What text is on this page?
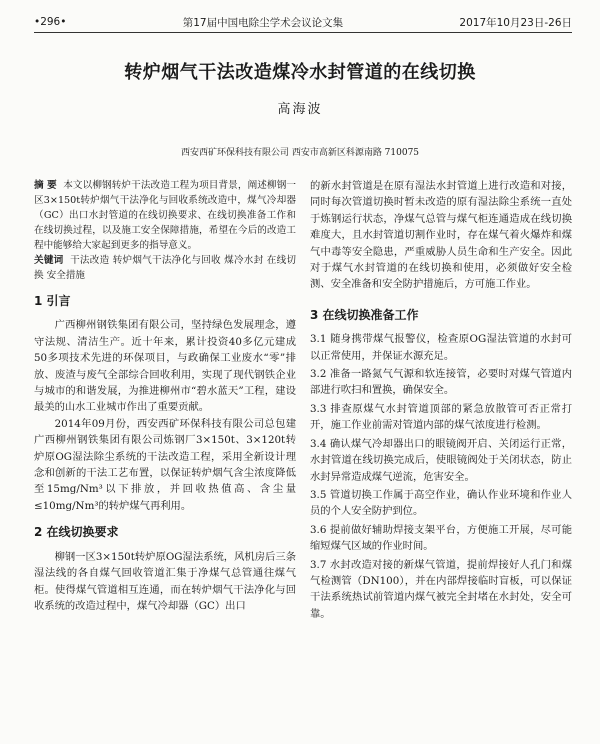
•296•	第17届中国电除尘学术会议论文集	2017年10月23日-26日
转炉烟气干法改造煤冷水封管道的在线切换
高海波
西安西矿环保科技有限公司 西安市高新区科源南路 710075
摘 要 本文以柳钢转炉干法改造工程为项目背景，阐述柳钢一区3×150t转炉烟气干法净化与回收系统改造中，煤气冷却器（GC）出口水封管道的在线切换要求、在线切换准备工作和在线切换过程，以及施工安全保障措施，希望在今后的改造工程中能够给大家起到更多的指导意义。
关键词 干法改造 转炉烟气干法净化与回收 煤冷水封 在线切换 安全措施
1 引言

广西柳州钢铁集团有限公司，坚持绿色发展理念，遵守法规、清洁生产。近十年来，累计投资40多亿元建成50多项技术先进的环保项目，与政确保工业废水“零”排放、废渣与废气全部综合回收利用，实现了现代钢铁企业与城市的和谐发展，为推进柳州市“碧水蓝天”工程，建设最美的山水工业城市作出了重要贡献。

2014年09月份，西安西矿环保科技有限公司总包建广西柳州钢铁集团有限公司炼钢厂3×150t、3×120t转炉原OG湿法除尘系统的干法改造工程，采用全新设计理念和创新的干法工艺布置，以保证转炉烟气含尘浓度降低至15mg/Nm³以下排放，并回收热值高、含尘量≤10mg/Nm³的转炉煤气再利用。

2 在线切换要求

柳钢一区3×150t转炉原OG湿法系统，风机房后三条湿法线的各自煤气回收管道汇集于净煤气总管通往煤气柜。使得煤气管道相互连通，而在转炉烟气干法净化与回收系统的改造过程中，煤气冷却器（GC）出口

的新水封管道是在原有湿法水封管道上进行改造和对接，同时每次管道切换时暂未改造的原有湿法除尘系统一直处于炼钢运行状态，净煤气总管与煤气柜连通造成在线切换难度大，且水封管道切割作业时，存在煤气着火爆炸和煤气中毒等安全隐患，严重威胁人员生命和生产安全。因此对于煤气水封管道的在线切换和使用，必须做好安全检测、安全准备和安全防护措施后，方可施工作业。

3 在线切换准备工作

3.1 随身携带煤气报警仪，检查原OG湿法管道的水封可以正常使用，并保证水源充足。

3.2 准备一路氮气气源和软连接管，必要时对煤气管道内部进行吹扫和置换，确保安全。

3.3 排查原煤气水封管道顶部的紧急放散管可否正常打开，施工作业前需对管道内部的煤气浓度进行检测。

3.4 确认煤气冷却器出口的眼镜阀开启、关闭运行正常，水封管道在线切换完成后，使眼镜阀处于关闭状态，防止水封异常造成煤气逆流，危害安全。

3.5 管道切换工作属于高空作业，确认作业环境和作业人员的个人安全防护到位。

3.6 提前做好辅助焊接支架平台，方便施工开展，尽可能缩短煤气区域的作业时间。

3.7 水封改造对接的新煤气管道，提前焊接好人孔门和煤气检测管（DN100），并在内部焊接临时盲板，可以保证干法系统热试前管道内煤气被完全封堵在水封处，安全可靠。
